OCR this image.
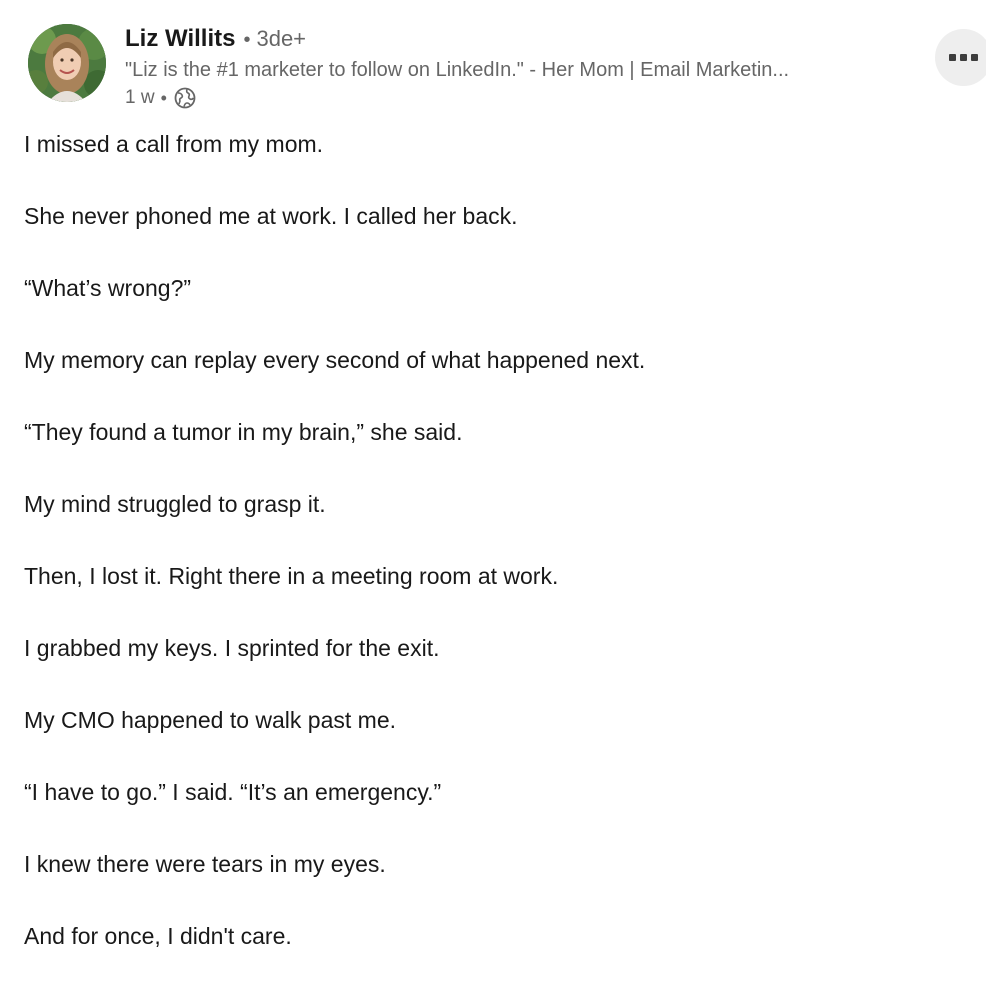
Liz Willits • 3de+
"Liz is the #1 marketer to follow on LinkedIn." - Her Mom | Email Marketin...
1 w •
I missed a call from my mom.
She never phoned me at work. I called her back.
“What’s wrong?”
My memory can replay every second of what happened next.
“They found a tumor in my brain,” she said.
My mind struggled to grasp it.
Then, I lost it. Right there in a meeting room at work.
I grabbed my keys. I sprinted for the exit.
My CMO happened to walk past me.
“I have to go.” I said. “It’s an emergency.”
I knew there were tears in my eyes.
And for once, I didn't care.
